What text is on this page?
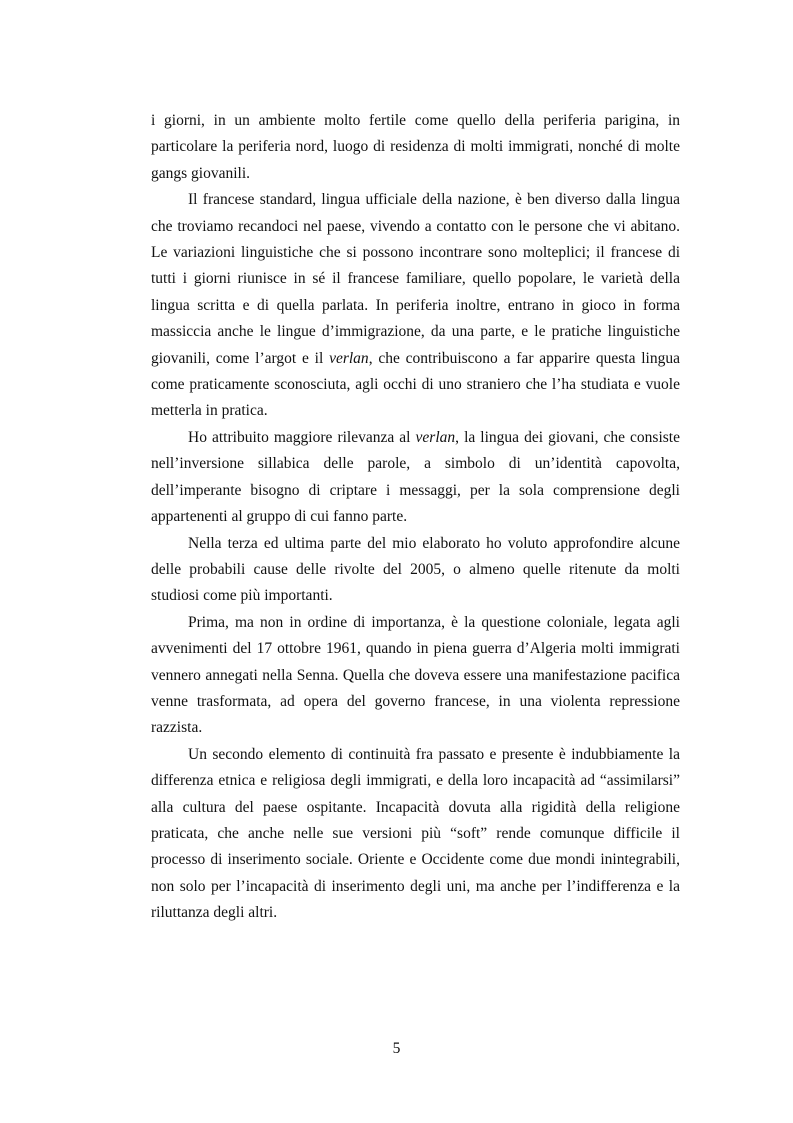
i giorni, in un ambiente molto fertile come quello della periferia parigina, in particolare la periferia nord, luogo di residenza di molti immigrati, nonché di molte gangs giovanili.

Il francese standard, lingua ufficiale della nazione, è ben diverso dalla lingua che troviamo recandoci nel paese, vivendo a contatto con le persone che vi abitano. Le variazioni linguistiche che si possono incontrare sono molteplici; il francese di tutti i giorni riunisce in sé il francese familiare, quello popolare, le varietà della lingua scritta e di quella parlata. In periferia inoltre, entrano in gioco in forma massiccia anche le lingue d’immigrazione, da una parte, e le pratiche linguistiche giovanili, come l’argot e il verlan, che contribuiscono a far apparire questa lingua come praticamente sconosciuta, agli occhi di uno straniero che l’ha studiata e vuole metterla in pratica.

Ho attribuito maggiore rilevanza al verlan, la lingua dei giovani, che consiste nell’inversione sillabica delle parole, a simbolo di un’identità capovolta, dell’imperante bisogno di criptare i messaggi, per la sola comprensione degli appartenenti al gruppo di cui fanno parte.

Nella terza ed ultima parte del mio elaborato ho voluto approfondire alcune delle probabili cause delle rivolte del 2005, o almeno quelle ritenute da molti studiosi come più importanti.

Prima, ma non in ordine di importanza, è la questione coloniale, legata agli avvenimenti del 17 ottobre 1961, quando in piena guerra d’Algeria molti immigrati vennero annegati nella Senna. Quella che doveva essere una manifestazione pacifica venne trasformata, ad opera del governo francese, in una violenta repressione razzista.

Un secondo elemento di continuità fra passato e presente è indubbiamente la differenza etnica e religiosa degli immigrati, e della loro incapacità ad “assimilarsi” alla cultura del paese ospitante. Incapacità dovuta alla rigidità della religione praticata, che anche nelle sue versioni più “soft” rende comunque difficile il processo di inserimento sociale. Oriente e Occidente come due mondi inintegrabili, non solo per l’incapacità di inserimento degli uni, ma anche per l’indifferenza e la riluttanza degli altri.

5
